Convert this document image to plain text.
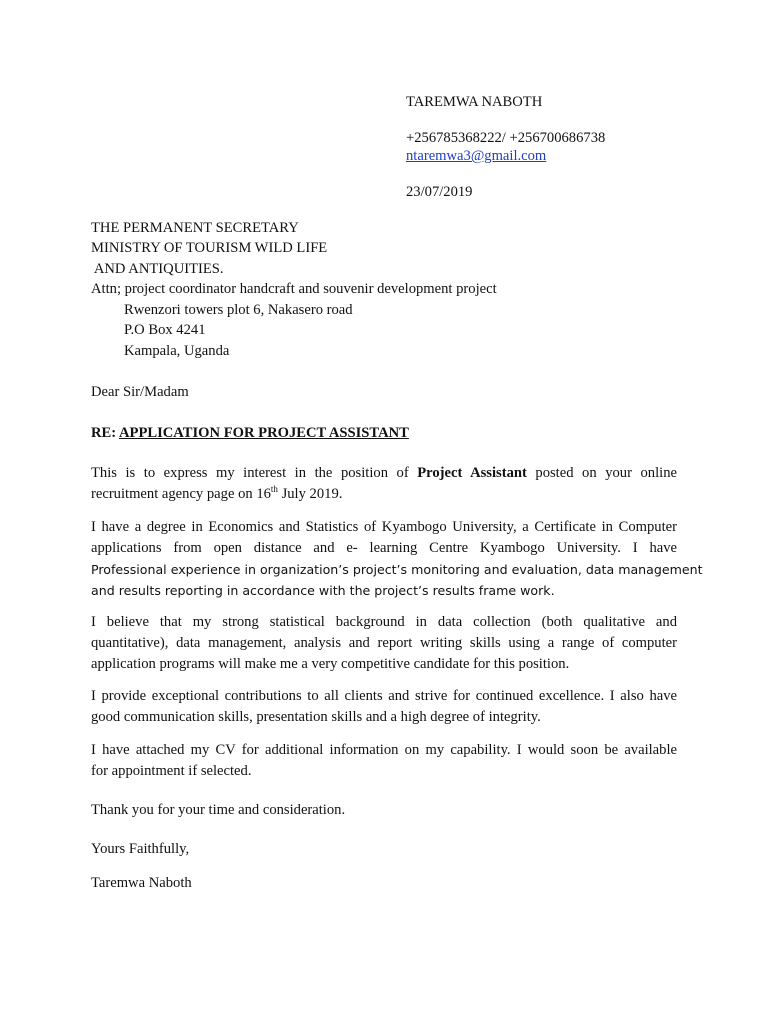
TAREMWA NABOTH
+256785368222/ +256700686738
ntaremwa3@gmail.com
23/07/2019
THE PERMANENT SECRETARY
MINISTRY OF TOURISM WILD LIFE
AND ANTIQUITIES.
Attn; project coordinator handcraft and souvenir development project
Rwenzori towers plot 6, Nakasero road
P.O Box 4241
Kampala, Uganda
Dear Sir/Madam
RE: APPLICATION FOR PROJECT ASSISTANT
This is to express my interest in the position of Project Assistant posted on your online
recruitment agency page on 16th July 2019.
I have a degree in Economics and Statistics of Kyambogo University, a Certificate in Computer
applications from open distance and e- learning Centre Kyambogo University. I have
Professional experience in organization’s project’s monitoring and evaluation, data management
and results reporting in accordance with the project’s results frame work.
I believe that my strong statistical background in data collection (both qualitative and
quantitative), data management, analysis and report writing skills using a range of computer
application programs will make me a very competitive candidate for this position.
I provide exceptional contributions to all clients and strive for continued excellence. I also have
good communication skills, presentation skills and a high degree of integrity.
I have attached my CV for additional information on my capability. I would soon be available
for appointment if selected.
Thank you for your time and consideration.
Yours Faithfully,
Taremwa Naboth
